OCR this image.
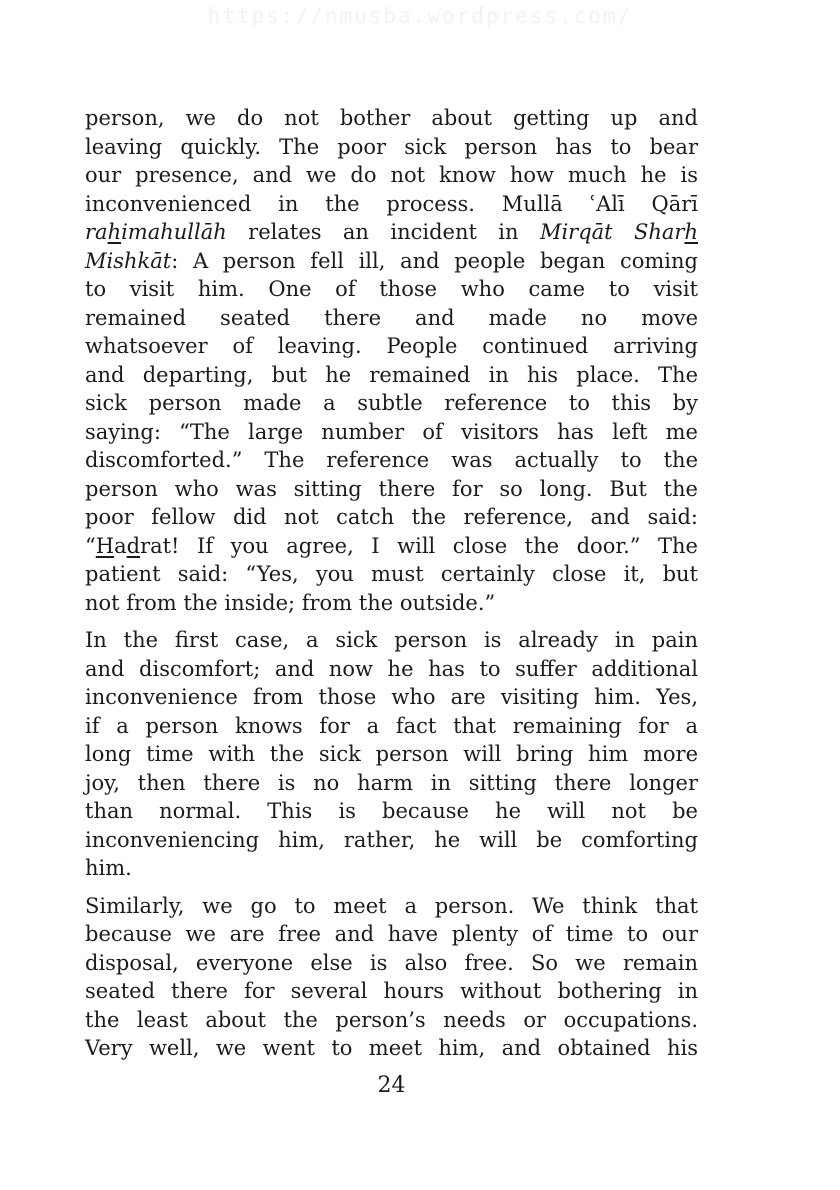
https://nmusba.wordpress.com/

person, we do not bother about getting up and
leaving quickly. The poor sick person has to bear
our presence, and we do not know how much he is
inconvenienced in the process. Mullā ʿAlī Qārī
rahimahullāh relates an incident in Mirqāt Sharh
Mishkāt: A person fell ill, and people began coming
to visit him. One of those who came to visit
remained seated there and made no move
whatsoever of leaving. People continued arriving
and departing, but he remained in his place. The
sick person made a subtle reference to this by
saying: “The large number of visitors has left me
discomforted.” The reference was actually to the
person who was sitting there for so long. But the
poor fellow did not catch the reference, and said:
“Hadrat! If you agree, I will close the door.” The
patient said: “Yes, you must certainly close it, but
not from the inside; from the outside.”

In the first case, a sick person is already in pain
and discomfort; and now he has to suffer additional
inconvenience from those who are visiting him. Yes,
if a person knows for a fact that remaining for a
long time with the sick person will bring him more
joy, then there is no harm in sitting there longer
than normal. This is because he will not be
inconveniencing him, rather, he will be comforting
him.

Similarly, we go to meet a person. We think that
because we are free and have plenty of time to our
disposal, everyone else is also free. So we remain
seated there for several hours without bothering in
the least about the person’s needs or occupations.
Very well, we went to meet him, and obtained his

24
